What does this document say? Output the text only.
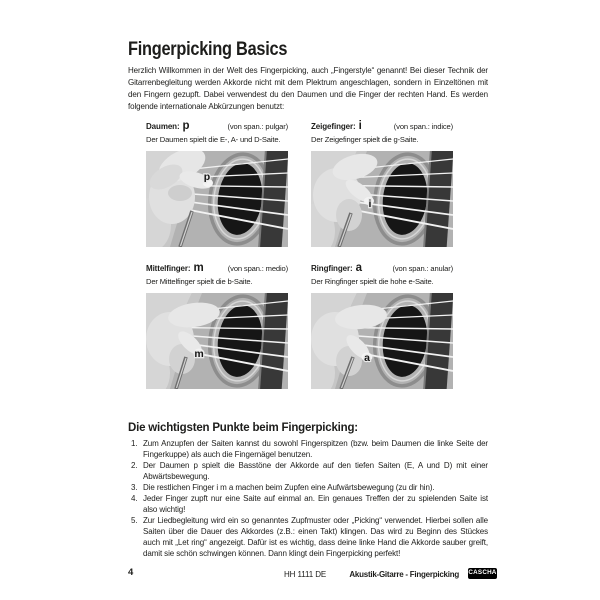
Fingerpicking Basics

Herzlich Willkommen in der Welt des Fingerpicking, auch „Fingerstyle“ genannt! Bei dieser Technik der Gitarrenbegleitung werden Akkorde nicht mit dem Plektrum angeschlagen, sondern in Einzeltönen mit den Fingern gezupft. Dabei verwendest du den Daumen und die Finger der rechten Hand. Es werden folgende internationale Abkürzungen benutzt:

Daumen: p	(von span.: pulgar)
Der Daumen spielt die E-, A- und D-Saite.
p
Zeigefinger: i	(von span.: indice)
Der Zeigefinger spielt die g-Saite.
i
Mittelfinger: m	(von span.: medio)
Der Mittelfinger spielt die b-Saite.
m
Ringfinger: a	(von span.: anular)
Der Ringfinger spielt die hohe e-Saite.
a
Die wichtigsten Punkte beim Fingerpicking:
1. Zum Anzupfen der Saiten kannst du sowohl Fingerspitzen (bzw. beim Daumen die linke Seite der Fingerkuppe) als auch die Fingernägel benutzen.
2. Der Daumen p spielt die Basstöne der Akkorde auf den tiefen Saiten (E, A und D) mit einer Abwärtsbewegung.
3. Die restlichen Finger i m a machen beim Zupfen eine Aufwärtsbewegung (zu dir hin).
4. Jeder Finger zupft nur eine Saite auf einmal an. Ein genaues Treffen der zu spielenden Saite ist also wichtig!
5. Zur Liedbegleitung wird ein so genanntes Zupfmuster oder „Picking“ verwendet. Hierbei sollen alle Saiten über die Dauer des Akkordes (z.B.: einen Takt) klingen. Das wird zu Beginn des Stückes auch mit „Let ring“ angezeigt. Dafür ist es wichtig, dass deine linke Hand die Akkorde sauber greift, damit sie schön schwingen können. Dann klingt dein Fingerpicking perfekt!
4	HH 1111 DE	Akustik-Gitarre - Fingerpicking CASCHA
